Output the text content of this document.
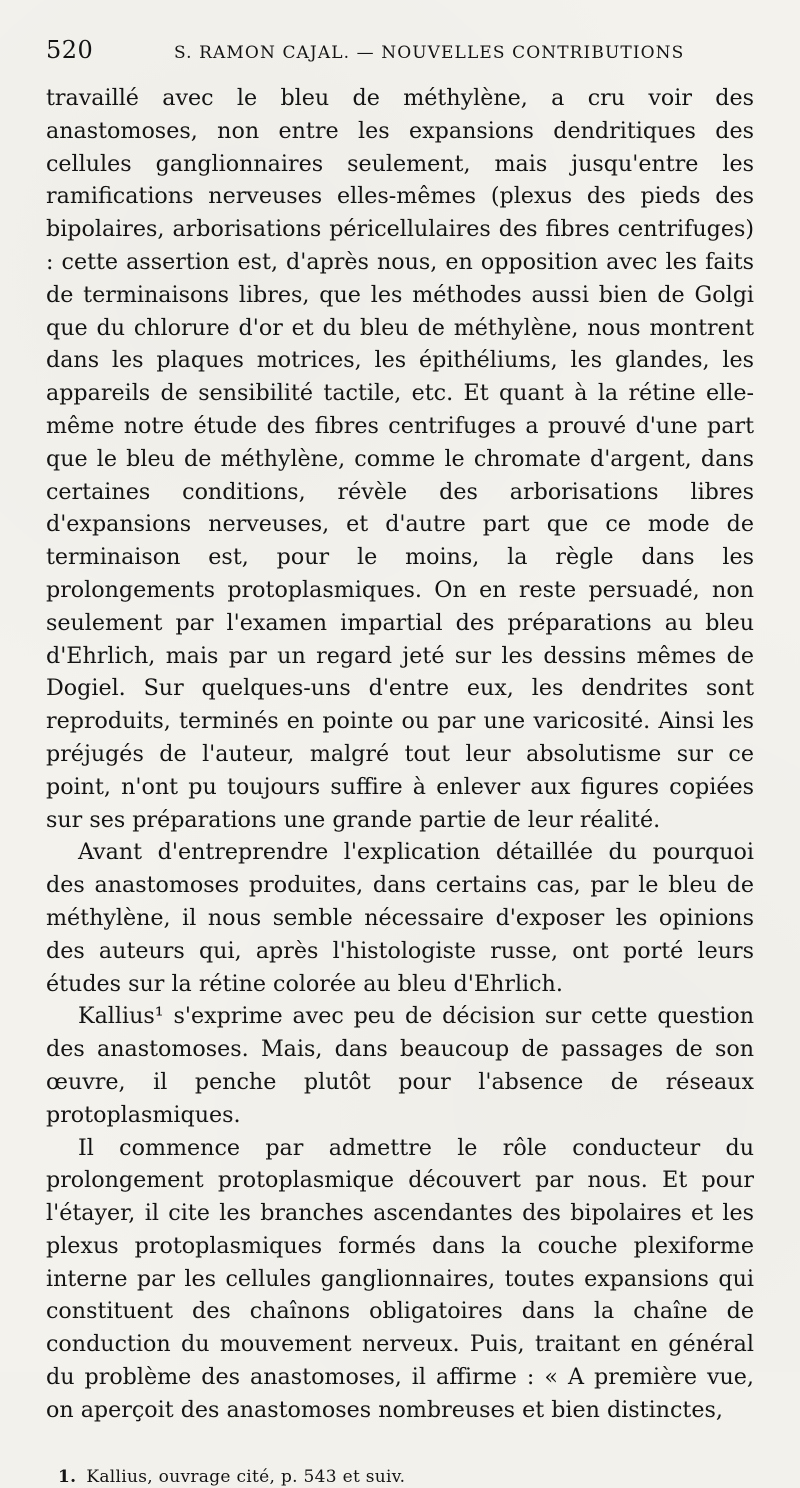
520	S. RAMON CAJAL. — NOUVELLES CONTRIBUTIONS

travaillé avec le bleu de méthylène, a cru voir des anastomoses, non entre les expansions dendritiques des cellules ganglionnaires seulement, mais jusqu'entre les ramifications nerveuses elles-mêmes (plexus des pieds des bipolaires, arborisations péricellulaires des fibres centrifuges) : cette assertion est, d'après nous, en opposition avec les faits de terminaisons libres, que les méthodes aussi bien de Golgi que du chlorure d'or et du bleu de méthylène, nous montrent dans les plaques motrices, les épithéliums, les glandes, les appareils de sensibilité tactile, etc. Et quant à la rétine elle-même notre étude des fibres centrifuges a prouvé d'une part que le bleu de méthylène, comme le chromate d'argent, dans certaines conditions, révèle des arborisations libres d'expansions nerveuses, et d'autre part que ce mode de terminaison est, pour le moins, la règle dans les prolongements protoplasmiques. On en reste persuadé, non seulement par l'examen impartial des préparations au bleu d'Ehrlich, mais par un regard jeté sur les dessins mêmes de Dogiel. Sur quelques-uns d'entre eux, les dendrites sont reproduits, terminés en pointe ou par une varicosité. Ainsi les préjugés de l'auteur, malgré tout leur absolutisme sur ce point, n'ont pu toujours suffire à enlever aux figures copiées sur ses préparations une grande partie de leur réalité.

Avant d'entreprendre l'explication détaillée du pourquoi des anastomoses produites, dans certains cas, par le bleu de méthylène, il nous semble nécessaire d'exposer les opinions des auteurs qui, après l'histologiste russe, ont porté leurs études sur la rétine colorée au bleu d'Ehrlich.

Kallius¹ s'exprime avec peu de décision sur cette question des anastomoses. Mais, dans beaucoup de passages de son œuvre, il penche plutôt pour l'absence de réseaux protoplasmiques.

Il commence par admettre le rôle conducteur du prolongement protoplasmique découvert par nous. Et pour l'étayer, il cite les branches ascendantes des bipolaires et les plexus protoplasmiques formés dans la couche plexiforme interne par les cellules ganglionnaires, toutes expansions qui constituent des chaînons obligatoires dans la chaîne de conduction du mouvement nerveux. Puis, traitant en général du problème des anastomoses, il affirme : « A première vue, on aperçoit des anastomoses nombreuses et bien distinctes,

1. Kallius, ouvrage cité, p. 543 et suiv.
